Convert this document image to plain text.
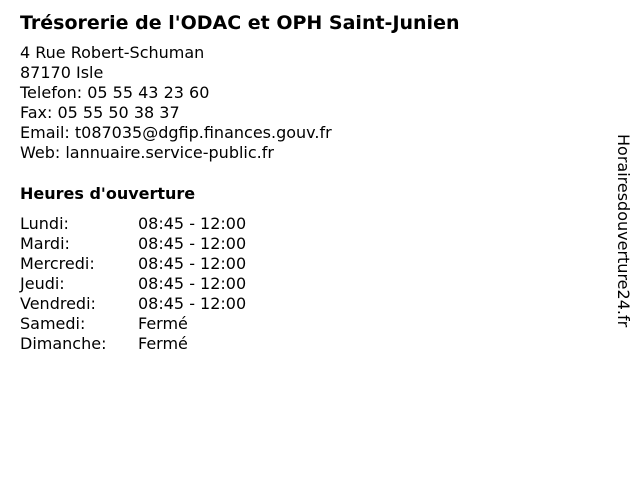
Trésorerie de l'ODAC et OPH Saint-Junien
4 Rue Robert-Schuman
87170 Isle
Telefon: 05 55 43 23 60
Fax: 05 55 50 38 37
Email: t087035@dgfip.finances.gouv.fr
Web: lannuaire.service-public.fr
Heures d'ouverture
Lundi:	08:45 - 12:00
Mardi:	08:45 - 12:00
Mercredi:	08:45 - 12:00
Jeudi:	08:45 - 12:00
Vendredi:	08:45 - 12:00
Samedi:	Fermé
Dimanche:	Fermé
Horairesdouverture24.fr
